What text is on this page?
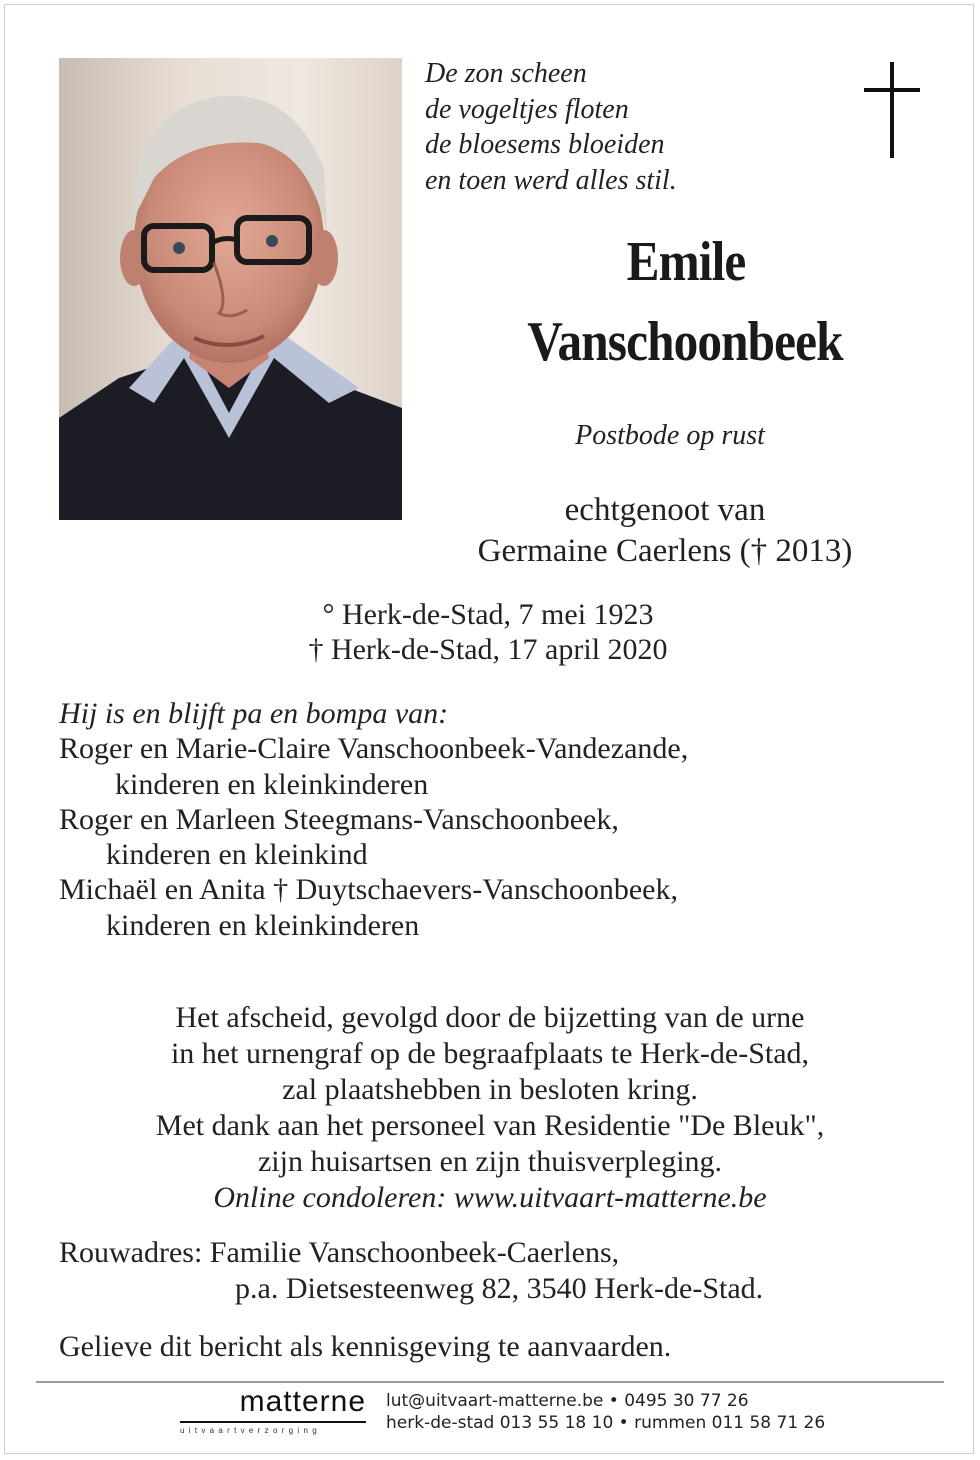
De zon scheen
de vogeltjes floten
de bloesems bloeiden
en toen werd alles stil.
Emile
Vanschoonbeek
Postbode op rust
echtgenoot van
Germaine Caerlens († 2013)
° Herk-de-Stad, 7 mei 1923
† Herk-de-Stad, 17 april 2020
Hij is en blijft pa en bompa van:
Roger en Marie-Claire Vanschoonbeek-Vandezande,
kinderen en kleinkinderen
Roger en Marleen Steegmans-Vanschoonbeek,
kinderen en kleinkind
Michaël en Anita † Duytschaevers-Vanschoonbeek,
kinderen en kleinkinderen
Het afscheid, gevolgd door de bijzetting van de urne
in het urnengraf op de begraafplaats te Herk-de-Stad,
zal plaatshebben in besloten kring.
Met dank aan het personeel van Residentie "De Bleuk",
zijn huisartsen en zijn thuisverpleging.
Online condoleren: www.uitvaart-matterne.be
Rouwadres: Familie Vanschoonbeek-Caerlens,
p.a. Dietsesteenweg 82, 3540 Herk-de-Stad.
Gelieve dit bericht als kennisgeving te aanvaarden.
matterne
uitvaartverzorging
lut@uitvaart-matterne.be • 0495 30 77 26
herk-de-stad 013 55 18 10 • rummen 011 58 71 26
